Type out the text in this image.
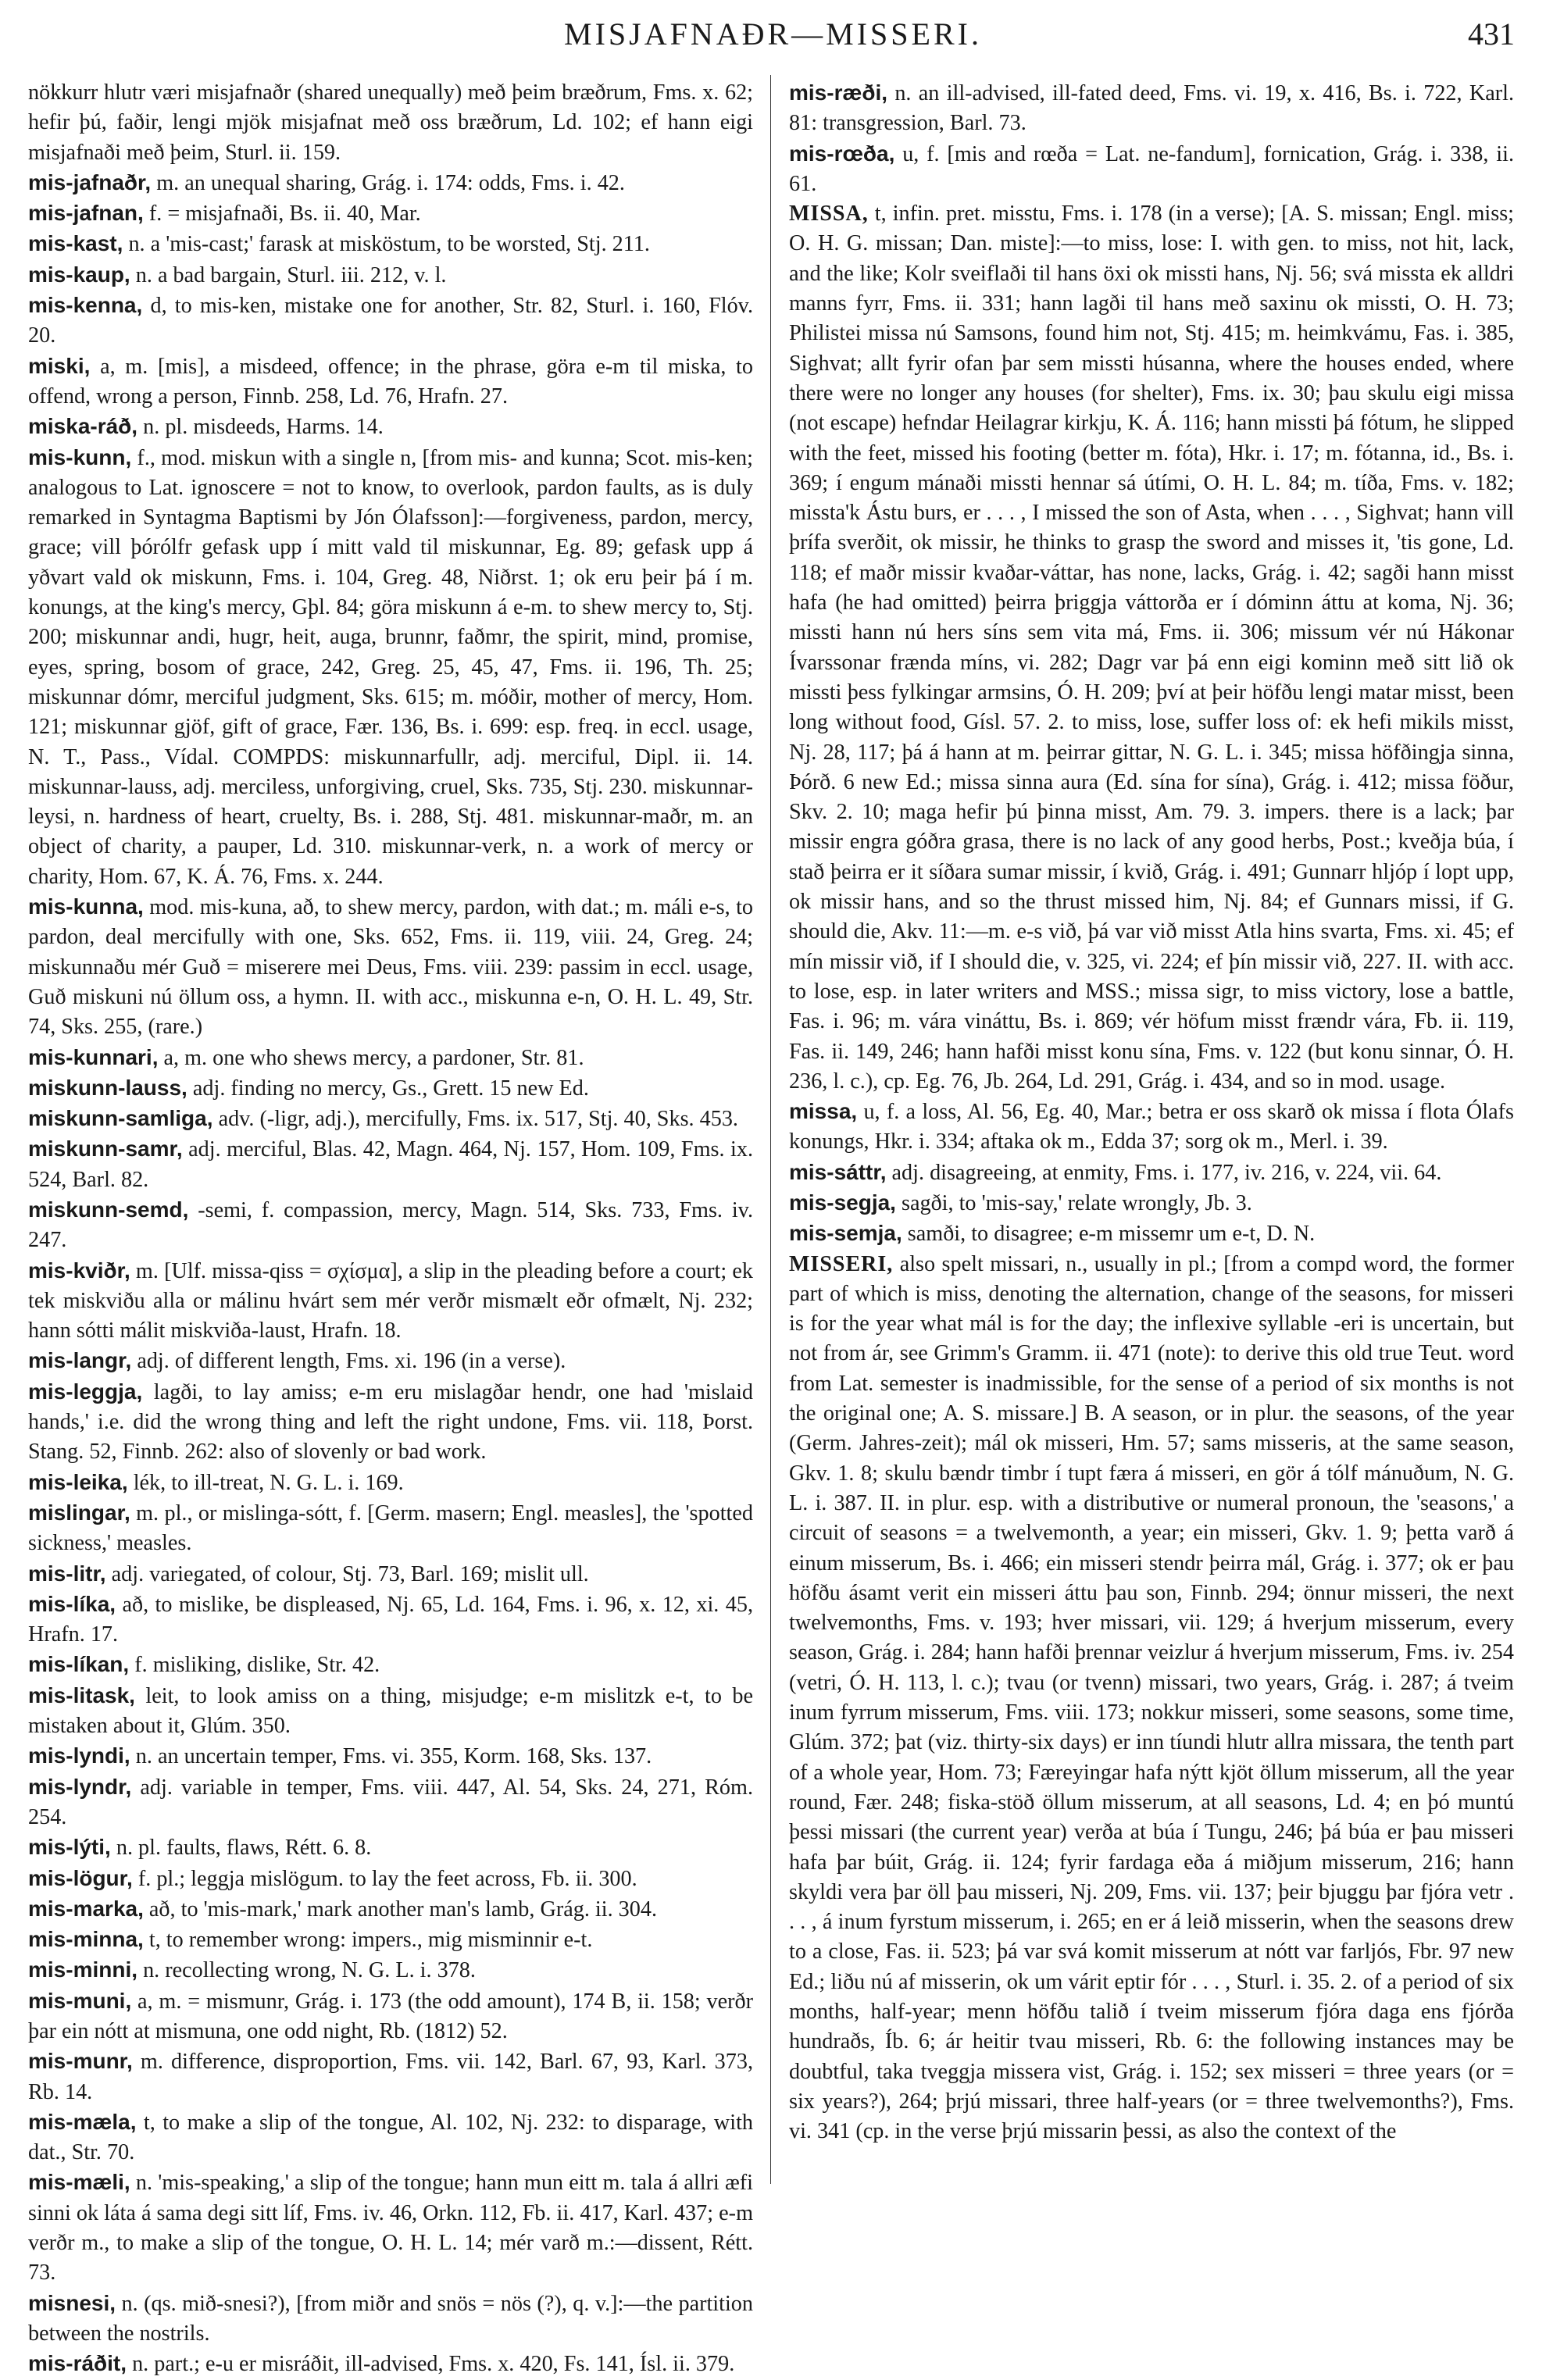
MISJAFNAÐR—MISSERI.	431

nökkurr hlutr væri misjafnaðr (shared unequally) með þeim bræðrum, Fms. x. 62; hefir þú, faðir, lengi mjök misjafnat með oss bræðrum, Ld. 102; ef hann eigi misjafnaði með þeim, Sturl. ii. 159.

mis-jafnaðr, m. an unequal sharing, Grág. i. 174: odds, Fms. i. 42.

mis-jafnan, f. = misjafnaði, Bs. ii. 40, Mar.

mis-kast, n. a 'mis-cast;' farask at misköstum, to be worsted, Stj. 211.

mis-kaup, n. a bad bargain, Sturl. iii. 212, v. l.

mis-kenna, d, to mis-ken, mistake one for another, Str. 82, Sturl. i. 160, Flóv. 20.

miski, a, m. [mis], a misdeed, offence; in the phrase, göra e-m til miska, to offend, wrong a person, Finnb. 258, Ld. 76, Hrafn. 27.

miska-ráð, n. pl. misdeeds, Harms. 14.

mis-kunn, f., mod. miskun with a single n, [from mis- and kunna; Scot. mis-ken; analogous to Lat. ignoscere = not to know, to overlook, pardon faults, as is duly remarked in Syntagma Baptismi by Jón Ólafsson]:—forgiveness, pardon, mercy, grace; vill þórólfr gefask upp í mitt vald til miskunnar, Eg. 89; gefask upp á yðvart vald ok miskunn, Fms. i. 104, Greg. 48, Niðrst. 1; ok eru þeir þá í m. konungs, at the king's mercy, Gþl. 84; göra miskunn á e-m. to shew mercy to, Stj. 200; miskunnar andi, hugr, heit, auga, brunnr, faðmr, the spirit, mind, promise, eyes, spring, bosom of grace, 242, Greg. 25, 45, 47, Fms. ii. 196, Th. 25; miskunnar dómr, merciful judgment, Sks. 615; m. móðir, mother of mercy, Hom. 121; miskunnar gjöf, gift of grace, Fær. 136, Bs. i. 699: esp. freq. in eccl. usage, N. T., Pass., Vídal. COMPDS: miskunnarfullr, adj. merciful, Dipl. ii. 14. miskunnar-lauss, adj. merciless, unforgiving, cruel, Sks. 735, Stj. 230. miskunnar-leysi, n. hardness of heart, cruelty, Bs. i. 288, Stj. 481. miskunnar-maðr, m. an object of charity, a pauper, Ld. 310. miskunnar-verk, n. a work of mercy or charity, Hom. 67, K. Á. 76, Fms. x. 244.

mis-kunna, mod. mis-kuna, að, to shew mercy, pardon, with dat.; m. máli e-s, to pardon, deal mercifully with one, Sks. 652, Fms. ii. 119, viii. 24, Greg. 24; miskunnaðu mér Guð = miserere mei Deus, Fms. viii. 239: passim in eccl. usage, Guð miskuni nú öllum oss, a hymn. II. with acc., miskunna e-n, O. H. L. 49, Str. 74, Sks. 255, (rare.)

mis-kunnari, a, m. one who shews mercy, a pardoner, Str. 81.

miskunn-lauss, adj. finding no mercy, Gs., Grett. 15 new Ed.

miskunn-samliga, adv. (-ligr, adj.), mercifully, Fms. ix. 517, Stj. 40, Sks. 453.

miskunn-samr, adj. merciful, Blas. 42, Magn. 464, Nj. 157, Hom. 109, Fms. ix. 524, Barl. 82.

miskunn-semd, -semi, f. compassion, mercy, Magn. 514, Sks. 733, Fms. iv. 247.

mis-kviðr, m. [Ulf. missa-qiss = σχίσμα], a slip in the pleading before a court; ek tek miskviðu alla or málinu hvárt sem mér verðr mismælt eðr ofmælt, Nj. 232; hann sótti málit miskviða-laust, Hrafn. 18.

mis-langr, adj. of different length, Fms. xi. 196 (in a verse).

mis-leggja, lagði, to lay amiss; e-m eru mislagðar hendr, one had 'mislaid hands,' i.e. did the wrong thing and left the right undone, Fms. vii. 118, Þorst. Stang. 52, Finnb. 262: also of slovenly or bad work.

mis-leika, lék, to ill-treat, N. G. L. i. 169.

mislingar, m. pl., or mislinga-sótt, f. [Germ. masern; Engl. measles], the 'spotted sickness,' measles.

mis-litr, adj. variegated, of colour, Stj. 73, Barl. 169; mislit ull.

mis-líka, að, to mislike, be displeased, Nj. 65, Ld. 164, Fms. i. 96, x. 12, xi. 45, Hrafn. 17.

mis-líkan, f. misliking, dislike, Str. 42.

mis-litask, leit, to look amiss on a thing, misjudge; e-m mislitzk e-t, to be mistaken about it, Glúm. 350.

mis-lyndi, n. an uncertain temper, Fms. vi. 355, Korm. 168, Sks. 137.

mis-lyndr, adj. variable in temper, Fms. viii. 447, Al. 54, Sks. 24, 271, Róm. 254.

mis-lýti, n. pl. faults, flaws, Rétt. 6. 8.

mis-lögur, f. pl.; leggja mislögum. to lay the feet across, Fb. ii. 300.

mis-marka, að, to 'mis-mark,' mark another man's lamb, Grág. ii. 304.

mis-minna, t, to remember wrong: impers., mig misminnir e-t.

mis-minni, n. recollecting wrong, N. G. L. i. 378.

mis-muni, a, m. = mismunr, Grág. i. 173 (the odd amount), 174 B, ii. 158; verðr þar ein nótt at mismuna, one odd night, Rb. (1812) 52.

mis-munr, m. difference, disproportion, Fms. vii. 142, Barl. 67, 93, Karl. 373, Rb. 14.

mis-mæla, t, to make a slip of the tongue, Al. 102, Nj. 232: to disparage, with dat., Str. 70.

mis-mæli, n. 'mis-speaking,' a slip of the tongue; hann mun eitt m. tala á allri æfi sinni ok láta á sama degi sitt líf, Fms. iv. 46, Orkn. 112, Fb. ii. 417, Karl. 437; e-m verðr m., to make a slip of the tongue, O. H. L. 14; mér varð m.:—dissent, Rétt. 73.

misnesi, n. (qs. mið-snesi?), [from miðr and snös = nös (?), q. v.]:—the partition between the nostrils.

mis-ráðit, n. part.; e-u er misráðit, ill-advised, Fms. x. 420, Fs. 141, Ísl. ii. 379.

mis-ræði, n. an ill-advised, ill-fated deed, Fms. vi. 19, x. 416, Bs. i. 722, Karl. 81: transgression, Barl. 73.

mis-rœða, u, f. [mis and rœða = Lat. ne-fandum], fornication, Grág. i. 338, ii. 61.

MISSA, t, infin. pret. misstu, Fms. i. 178 (in a verse); [A. S. missan; Engl. miss; O. H. G. missan; Dan. miste]:—to miss, lose: I. with gen. to miss, not hit, lack, and the like; Kolr sveiflaði til hans öxi ok missti hans, Nj. 56; svá missta ek alldri manns fyrr, Fms. ii. 331; hann lagði til hans með saxinu ok missti, O. H. 73; Philistei missa nú Samsons, found him not, Stj. 415; m. heimkvámu, Fas. i. 385, Sighvat; allt fyrir ofan þar sem missti húsanna, where the houses ended, where there were no longer any houses (for shelter), Fms. ix. 30; þau skulu eigi missa (not escape) hefndar Heilagrar kirkju, K. Á. 116; hann missti þá fótum, he slipped with the feet, missed his footing (better m. fóta), Hkr. i. 17; m. fótanna, id., Bs. i. 369; í engum mánaði missti hennar sá útími, O. H. L. 84; m. tíða, Fms. v. 182; missta'k Ástu burs, er . . . , I missed the son of Asta, when . . . , Sighvat; hann vill þrífa sverðit, ok missir, he thinks to grasp the sword and misses it, 'tis gone, Ld. 118; ef maðr missir kvaðar-váttar, has none, lacks, Grág. i. 42; sagði hann misst hafa (he had omitted) þeirra þriggja váttorða er í dóminn áttu at koma, Nj. 36; missti hann nú hers síns sem vita má, Fms. ii. 306; missum vér nú Hákonar Ívarssonar frænda míns, vi. 282; Dagr var þá enn eigi kominn með sitt lið ok missti þess fylkingar armsins, Ó. H. 209; því at þeir höfðu lengi matar misst, been long without food, Gísl. 57. 2. to miss, lose, suffer loss of: ek hefi mikils misst, Nj. 28, 117; þá á hann at m. þeirrar gittar, N. G. L. i. 345; missa höfðingja sinna, Þórð. 6 new Ed.; missa sinna aura (Ed. sína for sína), Grág. i. 412; missa föður, Skv. 2. 10; maga hefir þú þinna misst, Am. 79. 3. impers. there is a lack; þar missir engra góðra grasa, there is no lack of any good herbs, Post.; kveðja búa, í stað þeirra er it síðara sumar missir, í kvið, Grág. i. 491; Gunnarr hljóp í lopt upp, ok missir hans, and so the thrust missed him, Nj. 84; ef Gunnars missi, if G. should die, Akv. 11:—m. e-s við, þá var við misst Atla hins svarta, Fms. xi. 45; ef mín missir við, if I should die, v. 325, vi. 224; ef þín missir við, 227. II. with acc. to lose, esp. in later writers and MSS.; missa sigr, to miss victory, lose a battle, Fas. i. 96; m. vára vináttu, Bs. i. 869; vér höfum misst frændr vára, Fb. ii. 119, Fas. ii. 149, 246; hann hafði misst konu sína, Fms. v. 122 (but konu sinnar, Ó. H. 236, l. c.), cp. Eg. 76, Jb. 264, Ld. 291, Grág. i. 434, and so in mod. usage.

missa, u, f. a loss, Al. 56, Eg. 40, Mar.; betra er oss skarð ok missa í flota Ólafs konungs, Hkr. i. 334; aftaka ok m., Edda 37; sorg ok m., Merl. i. 39.

mis-sáttr, adj. disagreeing, at enmity, Fms. i. 177, iv. 216, v. 224, vii. 64.

mis-segja, sagði, to 'mis-say,' relate wrongly, Jb. 3.

mis-semja, samði, to disagree; e-m missemr um e-t, D. N.

MISSERI, also spelt missari, n., usually in pl.; [from a compd word, the former part of which is miss, denoting the alternation, change of the seasons, for misseri is for the year what mál is for the day; the inflexive syllable -eri is uncertain, but not from ár, see Grimm's Gramm. ii. 471 (note): to derive this old true Teut. word from Lat. semester is inadmissible, for the sense of a period of six months is not the original one; A. S. missare.] B. A season, or in plur. the seasons, of the year (Germ. Jahres-zeit); mál ok misseri, Hm. 57; sams misseris, at the same season, Gkv. 1. 8; skulu bændr timbr í tupt færa á misseri, en gör á tólf mánuðum, N. G. L. i. 387. II. in plur. esp. with a distributive or numeral pronoun, the 'seasons,' a circuit of seasons = a twelvemonth, a year; ein misseri, Gkv. 1. 9; þetta varð á einum misserum, Bs. i. 466; ein misseri stendr þeirra mál, Grág. i. 377; ok er þau höfðu ásamt verit ein misseri áttu þau son, Finnb. 294; önnur misseri, the next twelvemonths, Fms. v. 193; hver missari, vii. 129; á hverjum misserum, every season, Grág. i. 284; hann hafði þrennar veizlur á hverjum misserum, Fms. iv. 254 (vetri, Ó. H. 113, l. c.); tvau (or tvenn) missari, two years, Grág. i. 287; á tveim inum fyrrum misserum, Fms. viii. 173; nokkur misseri, some seasons, some time, Glúm. 372; þat (viz. thirty-six days) er inn tíundi hlutr allra missara, the tenth part of a whole year, Hom. 73; Færeyingar hafa nýtt kjöt öllum misserum, all the year round, Fær. 248; fiska-stöð öllum misserum, at all seasons, Ld. 4; en þó muntú þessi missari (the current year) verða at búa í Tungu, 246; þá búa er þau misseri hafa þar búit, Grág. ii. 124; fyrir fardaga eða á miðjum misserum, 216; hann skyldi vera þar öll þau misseri, Nj. 209, Fms. vii. 137; þeir bjuggu þar fjóra vetr . . . , á inum fyrstum misserum, i. 265; en er á leið misserin, when the seasons drew to a close, Fas. ii. 523; þá var svá komit misserum at nótt var farljós, Fbr. 97 new Ed.; liðu nú af misserin, ok um várit eptir fór . . . , Sturl. i. 35. 2. of a period of six months, half-year; menn höfðu talið í tveim misserum fjóra daga ens fjórða hundraðs, Íb. 6; ár heitir tvau misseri, Rb. 6: the following instances may be doubtful, taka tveggja missera vist, Grág. i. 152; sex misseri = three years (or = six years?), 264; þrjú missari, three half-years (or = three twelvemonths?), Fms. vi. 341 (cp. in the verse þrjú missarin þessi, as also the context of the
